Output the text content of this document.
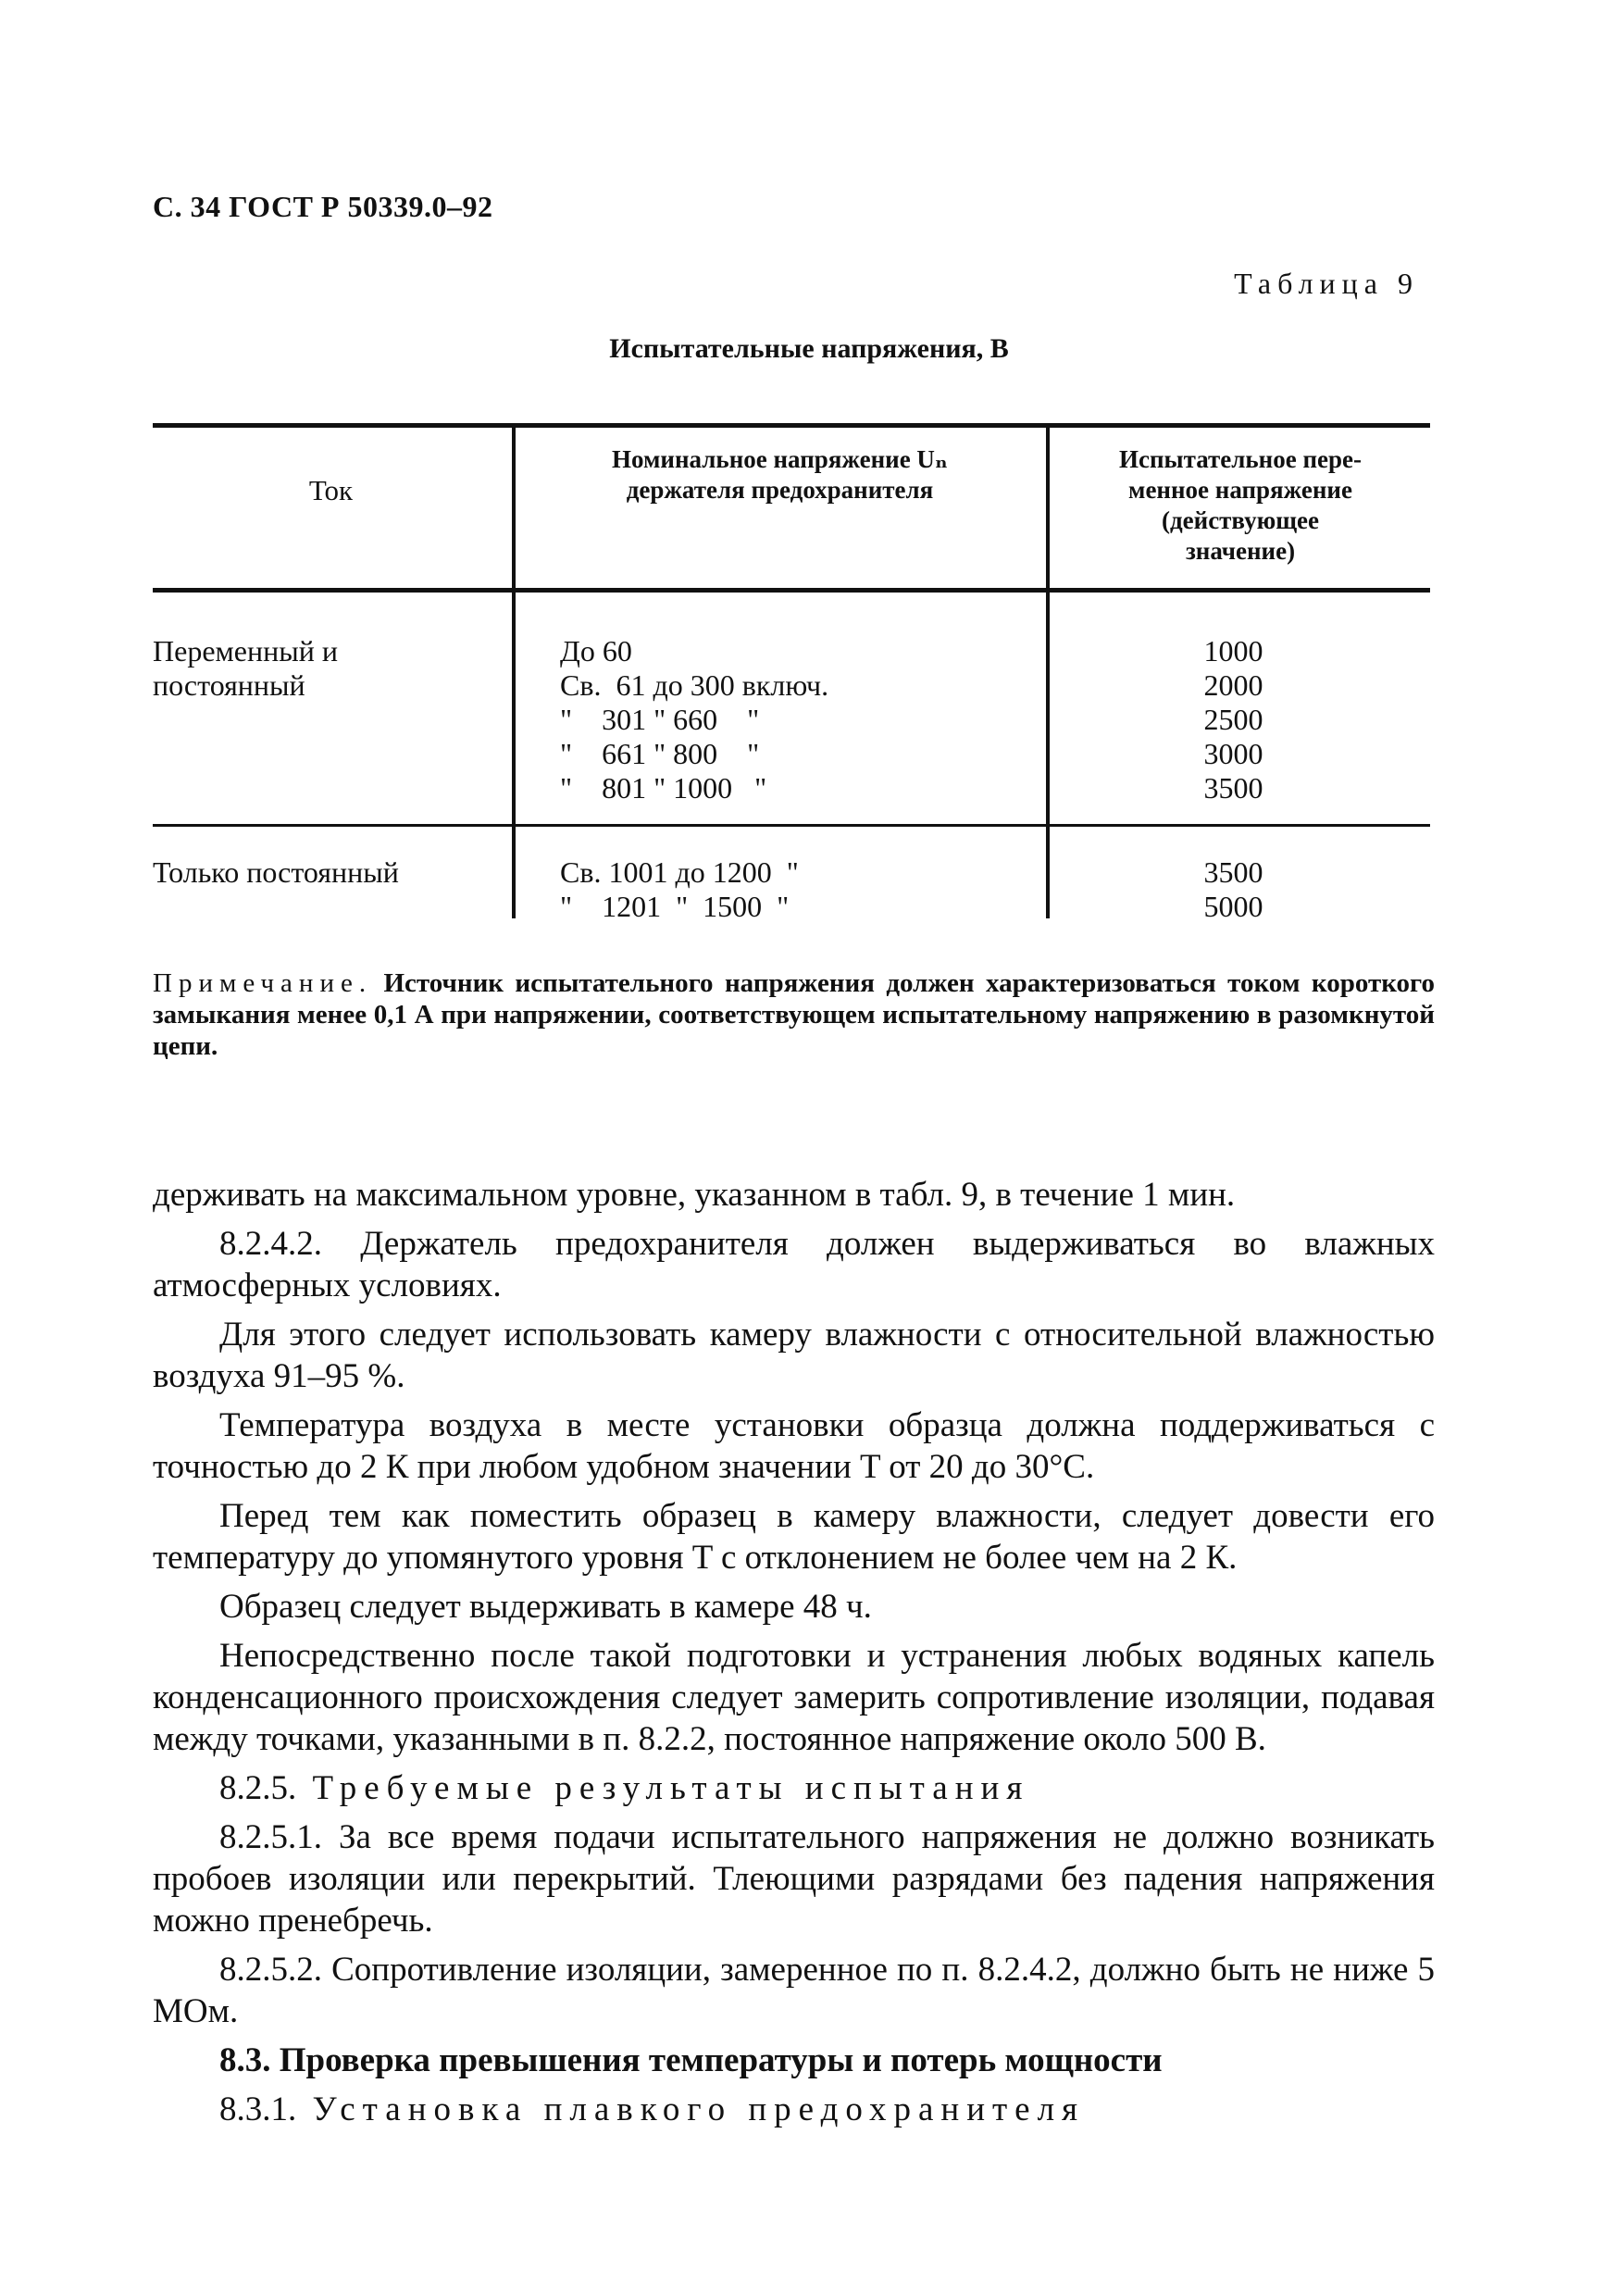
С. 34 ГОСТ Р 50339.0–92
Таблица 9
Испытательные напряжения, В
Ток
Номинальное напряжение Uₙ
держателя предохранителя
Испытательное пере-
менное напряжение
(действующее
значение)
Переменный и
постоянный
До 60
Св.  61 до 300 включ.
"    301 " 660    "
"    661 " 800    "
"    801 " 1000   "
1000
2000
2500
3000
3500
Только постоянный	Св. 1001 до 1200  "
"    1201  "  1500  "
3500
5000
Примечание. Источник испытательного напряжения должен характеризоваться током короткого замыкания менее 0,1 А при напряжении, соответствующем испытательному напряжению в разомкнутой цепи.

держивать на максимальном уровне, указанном в табл. 9, в течение 1 мин.

8.2.4.2. Держатель предохранителя должен выдерживаться во влажных атмосферных условиях.

Для этого следует использовать камеру влажности с относительной влажностью воздуха 91–95 %.

Температура воздуха в месте установки образца должна поддерживаться с точностью до 2 К при любом удобном значении T от 20 до 30°С.

Перед тем как поместить образец в камеру влажности, следует довести его температуру до упомянутого уровня T с отклонением не более чем на 2 К.

Образец следует выдерживать в камере 48 ч.

Непосредственно после такой подготовки и устранения любых водяных капель конденсационного происхождения следует замерить сопротивление изоляции, подавая между точками, указанными в п. 8.2.2, постоянное напряжение около 500 В.

8.2.5. Требуемые результаты испытания

8.2.5.1. За все время подачи испытательного напряжения не должно возникать пробоев изоляции или перекрытий. Тлеющими разрядами без падения напряжения можно пренебречь.

8.2.5.2. Сопротивление изоляции, замеренное по п. 8.2.4.2, должно быть не ниже 5 МОм.

8.3. Проверка превышения температуры и потерь мощности

8.3.1. Установка плавкого предохранителя
